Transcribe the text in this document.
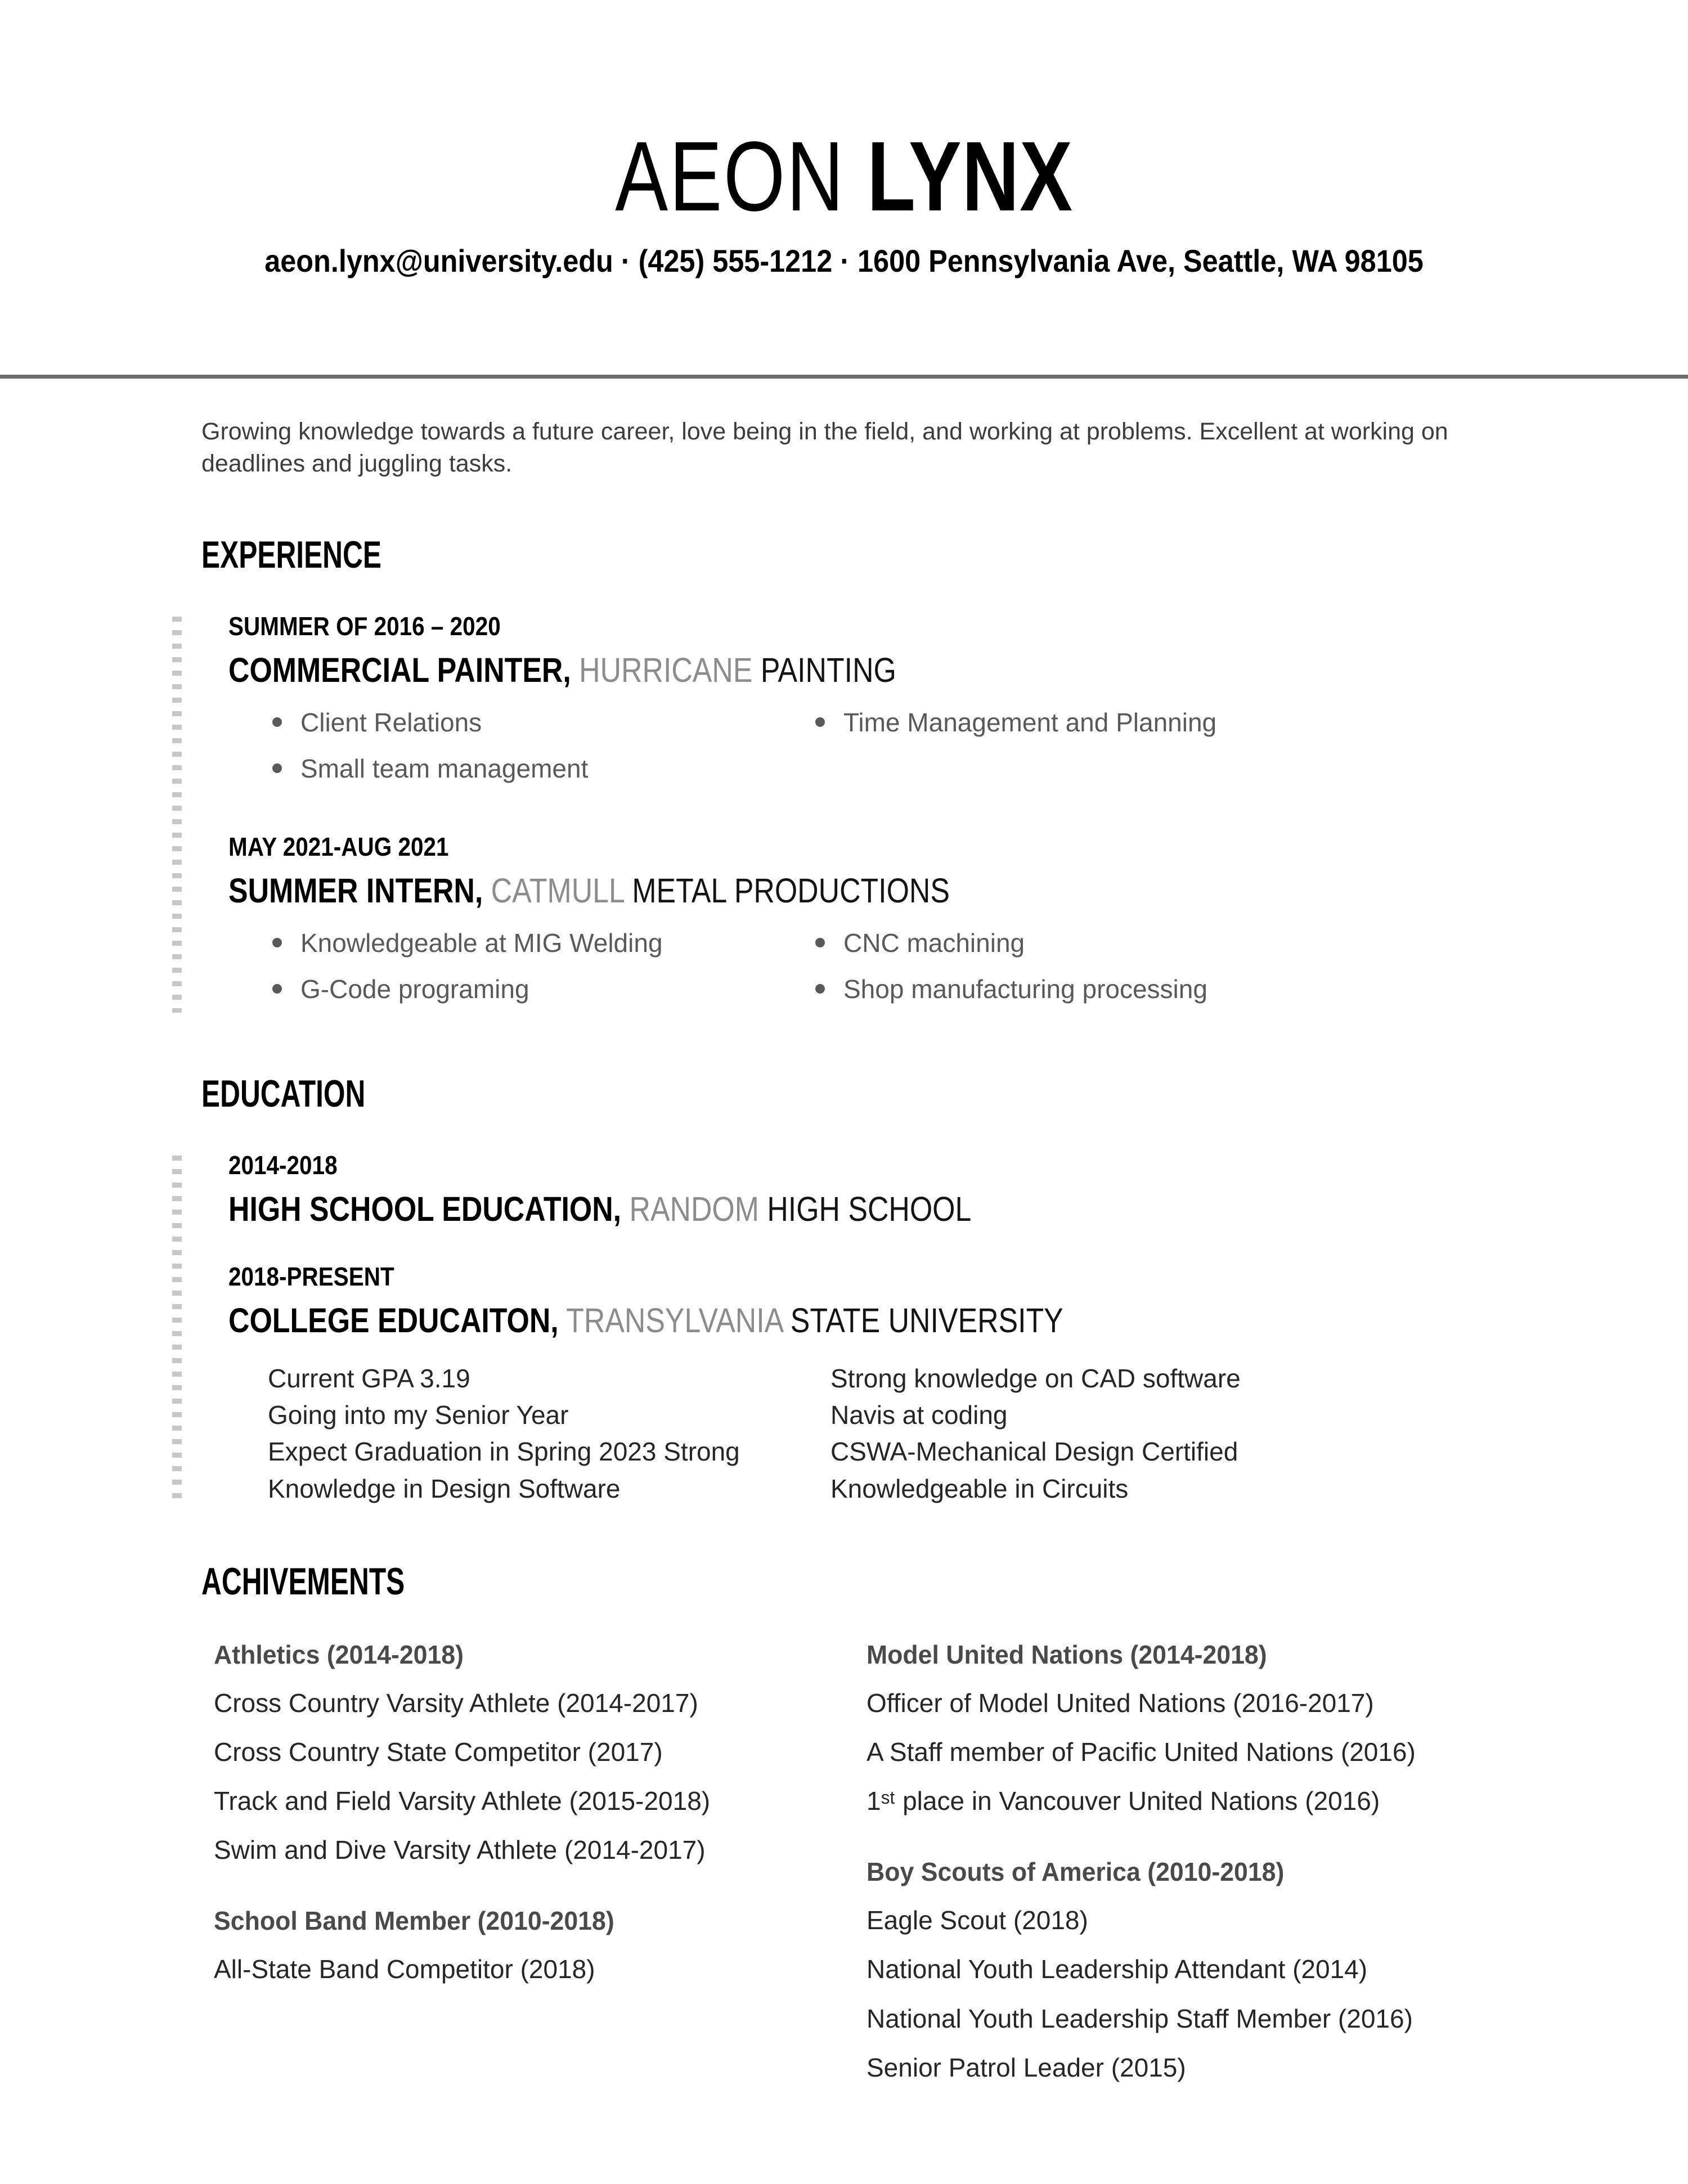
AEON LYNX
aeon.lynx@university.edu · (425) 555-1212 · 1600 Pennsylvania Ave, Seattle, WA 98105

Growing knowledge towards a future career, love being in the field, and working at problems. Excellent at working on deadlines and juggling tasks.

EXPERIENCE
SUMMER OF 2016 – 2020
COMMERCIAL PAINTER, HURRICANE PAINTING
Client Relations
Small team management
Time Management and Planning
MAY 2021-AUG 2021
SUMMER INTERN, CATMULL METAL PRODUCTIONS
Knowledgeable at MIG Welding
G-Code programing
CNC machining
Shop manufacturing processing
EDUCATION
2014-2018
HIGH SCHOOL EDUCATION, RANDOM HIGH SCHOOL
2018-PRESENT
COLLEGE EDUCAITON, TRANSYLVANIA STATE UNIVERSITY

Current GPA 3.19

Going into my Senior Year

Expect Graduation in Spring 2023 Strong

Knowledge in Design Software

Strong knowledge on CAD software

Navis at coding

CSWA-Mechanical Design Certified

Knowledgeable in Circuits

ACHIVEMENTS
Athletics (2014-2018)

Cross Country Varsity Athlete (2014-2017)

Cross Country State Competitor (2017)

Track and Field Varsity Athlete (2015-2018)

Swim and Dive Varsity Athlete (2014-2017)

School Band Member (2010-2018)

All-State Band Competitor (2018)

Model United Nations (2014-2018)

Officer of Model United Nations (2016-2017)

A Staff member of Pacific United Nations (2016)

1ˢᵗ place in Vancouver United Nations (2016)

Boy Scouts of America (2010-2018)

Eagle Scout (2018)

National Youth Leadership Attendant (2014)

National Youth Leadership Staff Member (2016)

Senior Patrol Leader (2015)
